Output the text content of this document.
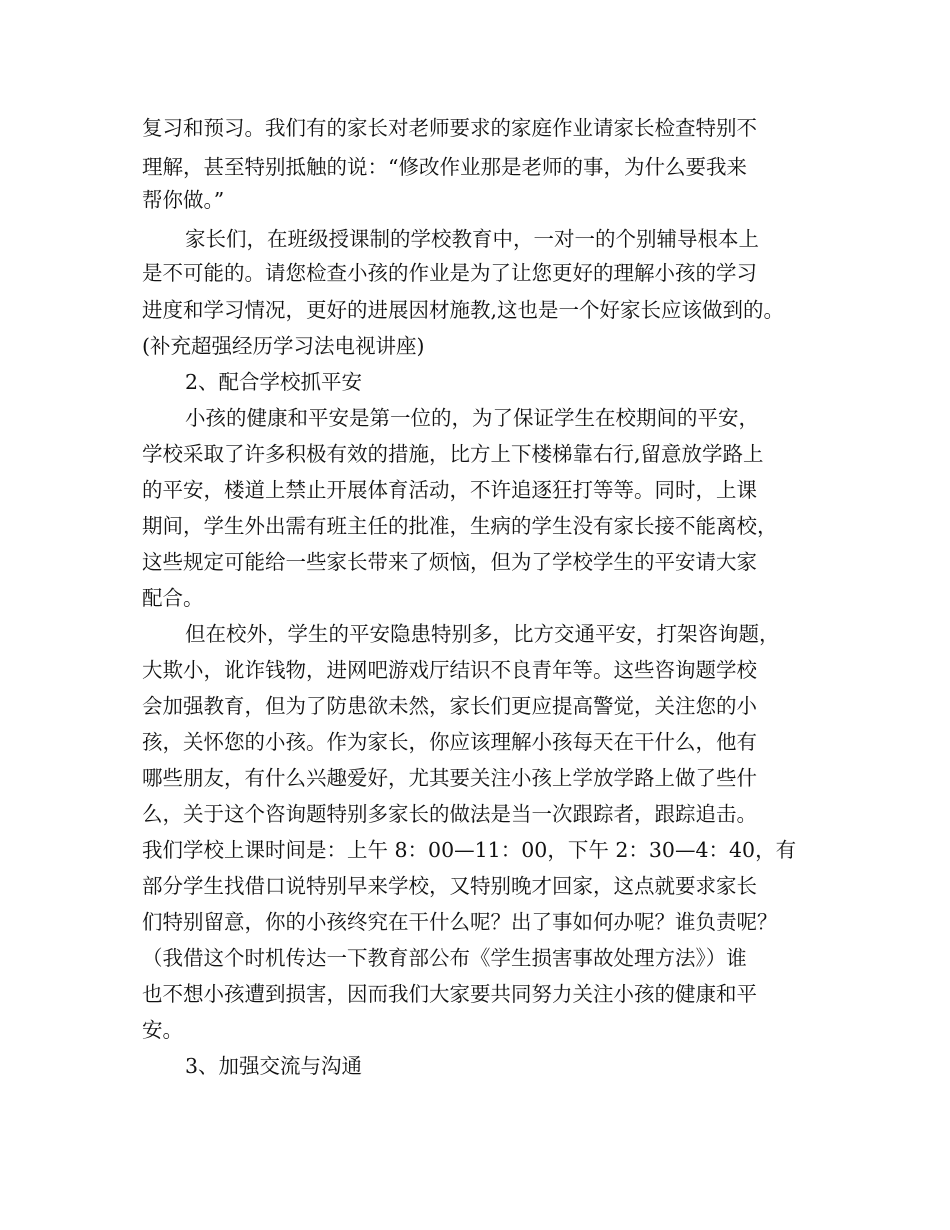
复习和预习。我们有的家长对老师要求的家庭作业请家长检查特别不
理解，甚至特别抵触的说：“修改作业那是老师的事，为什么要我来
帮你做。”
家长们，在班级授课制的学校教育中，一对一的个别辅导根本上
是不可能的。请您检查小孩的作业是为了让您更好的理解小孩的学习
进度和学习情况，更好的进展因材施教,这也是一个好家长应该做到的。
(补充超强经历学习法电视讲座)
2、配合学校抓平安
小孩的健康和平安是第一位的，为了保证学生在校期间的平安，
学校采取了许多积极有效的措施，比方上下楼梯靠右行,留意放学路上
的平安，楼道上禁止开展体育活动，不许追逐狂打等等。同时，上课
期间，学生外出需有班主任的批准，生病的学生没有家长接不能离校，
这些规定可能给一些家长带来了烦恼，但为了学校学生的平安请大家
配合。
但在校外，学生的平安隐患特别多，比方交通平安，打架咨询题，
大欺小，讹诈钱物，进网吧游戏厅结识不良青年等。这些咨询题学校
会加强教育，但为了防患欲未然，家长们更应提高警觉，关注您的小
孩，关怀您的小孩。作为家长，你应该理解小孩每天在干什么，他有
哪些朋友，有什么兴趣爱好，尤其要关注小孩上学放学路上做了些什
么，关于这个咨询题特别多家长的做法是当一次跟踪者，跟踪追击。
我们学校上课时间是：上午 8：00—11：00，下午 2：30—4：40，有
部分学生找借口说特别早来学校，又特别晚才回家，这点就要求家长
们特别留意，你的小孩终究在干什么呢？出了事如何办呢？谁负责呢？
（我借这个时机传达一下教育部公布《学生损害事故处理方法》）谁
也不想小孩遭到损害，因而我们大家要共同努力关注小孩的健康和平
安。
3、加强交流与沟通
